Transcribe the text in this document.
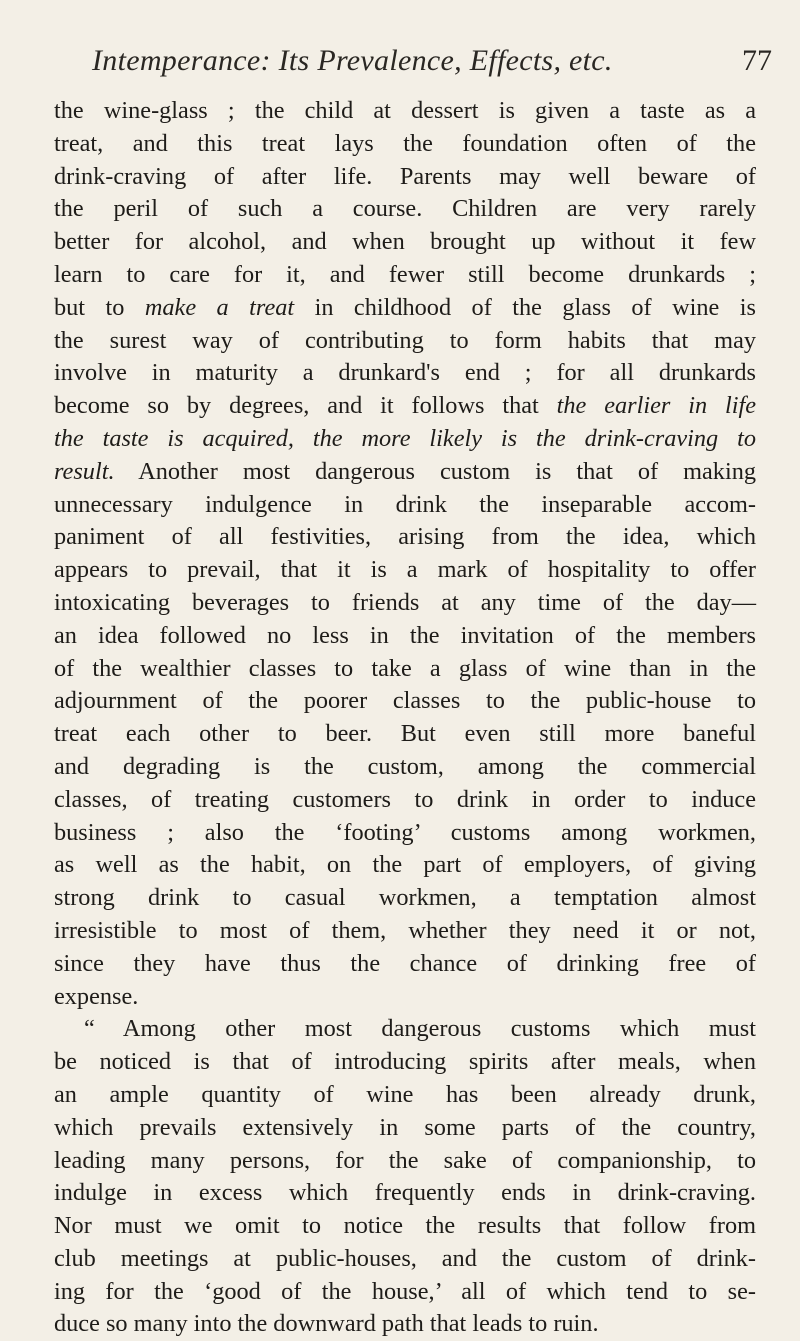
Intemperance: Its Prevalence, Effects, etc.	77
the wine-glass ; the child at dessert is given a taste as a
treat, and this treat lays the foundation often of the
drink-craving of after life. Parents may well beware of
the peril of such a course. Children are very rarely
better for alcohol, and when brought up without it few
learn to care for it, and fewer still become drunkards ;
but to make a treat in childhood of the glass of wine is
the surest way of contributing to form habits that may
involve in maturity a drunkard's end ; for all drunkards
become so by degrees, and it follows that the earlier in life
the taste is acquired, the more likely is the drink-craving to
result. Another most dangerous custom is that of making
unnecessary indulgence in drink the inseparable accom-
paniment of all festivities, arising from the idea, which
appears to prevail, that it is a mark of hospitality to offer
intoxicating beverages to friends at any time of the day—
an idea followed no less in the invitation of the members
of the wealthier classes to take a glass of wine than in the
adjournment of the poorer classes to the public-house to
treat each other to beer. But even still more baneful
and degrading is the custom, among the commercial
classes, of treating customers to drink in order to induce
business ; also the ‘footing’ customs among workmen,
as well as the habit, on the part of employers, of giving
strong drink to casual workmen, a temptation almost
irresistible to most of them, whether they need it or not,
since they have thus the chance of drinking free of
expense.
“ Among other most dangerous customs which must
be noticed is that of introducing spirits after meals, when
an ample quantity of wine has been already drunk,
which prevails extensively in some parts of the country,
leading many persons, for the sake of companionship, to
indulge in excess which frequently ends in drink-craving.
Nor must we omit to notice the results that follow from
club meetings at public-houses, and the custom of drink-
ing for the ‘good of the house,’ all of which tend to se-
duce so many into the downward path that leads to ruin.
